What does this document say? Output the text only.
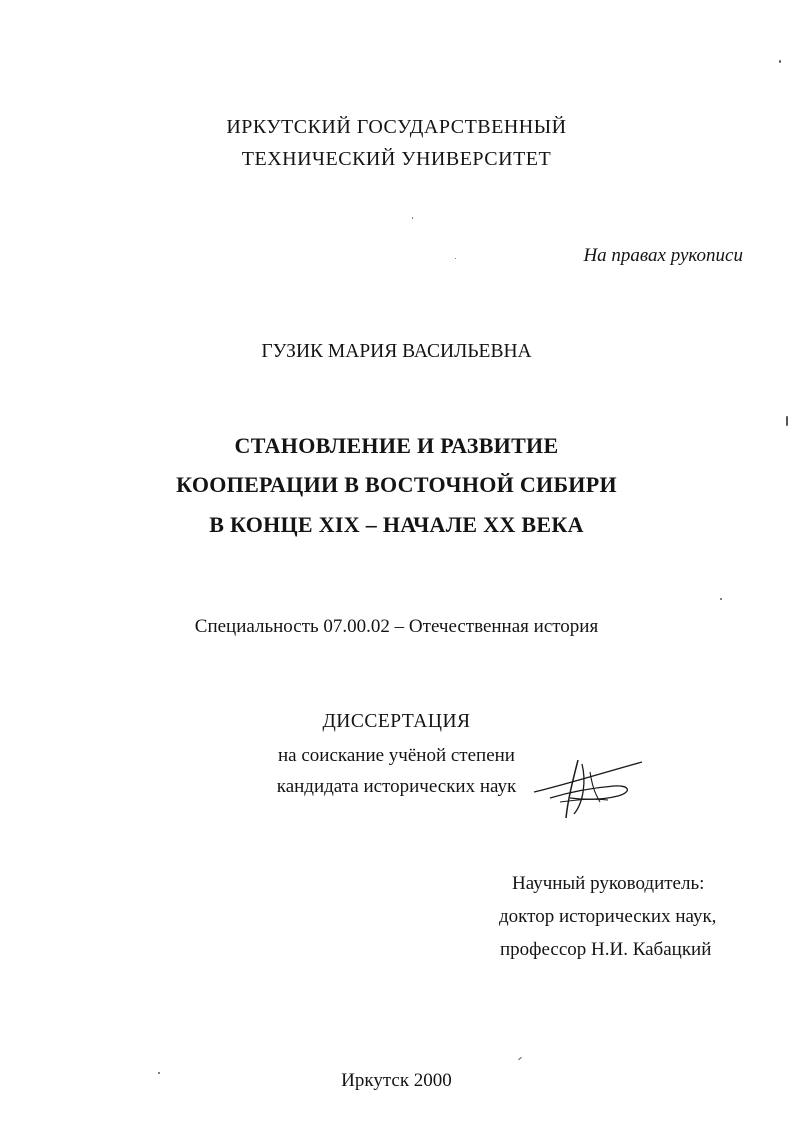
ИРКУТСКИЙ ГОСУДАРСТВЕННЫЙ
ТЕХНИЧЕСКИЙ УНИВЕРСИТЕТ
На правах рукописи
ГУЗИК МАРИЯ ВАСИЛЬЕВНА
СТАНОВЛЕНИЕ И РАЗВИТИЕ
КООПЕРАЦИИ В ВОСТОЧНОЙ СИБИРИ
В КОНЦЕ XIX – НАЧАЛЕ XX ВЕКА
Специальность 07.00.02 – Отечественная история
ДИССЕРТАЦИЯ
на соискание учёной степени
кандидата исторических наук
Научный руководитель:
доктор исторических наук,
профессор Н.И. Кабацкий
Иркутск 2000
